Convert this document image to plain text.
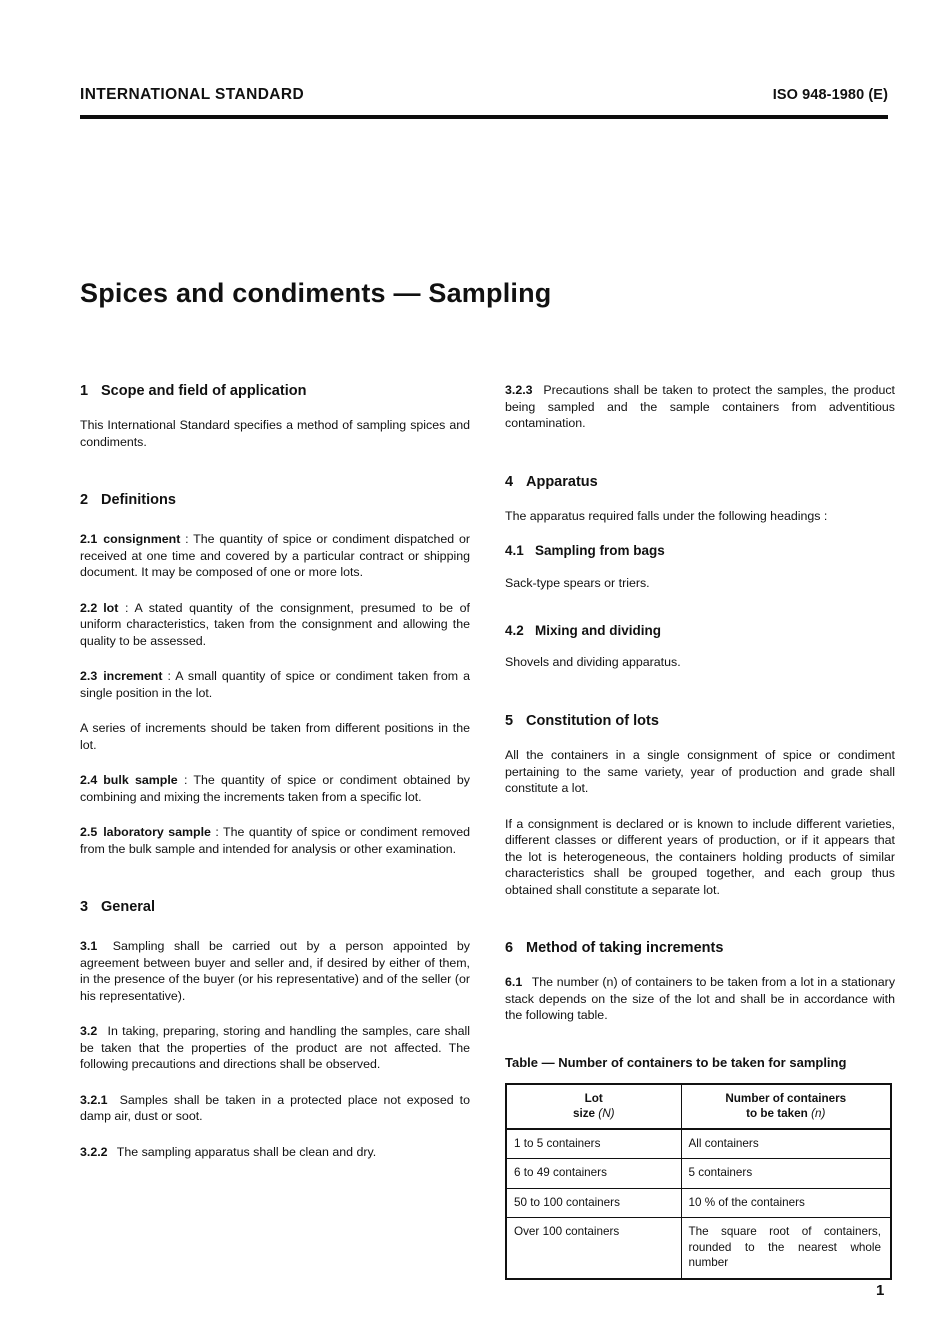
INTERNATIONAL STANDARD	ISO 948-1980 (E)
Spices and condiments — Sampling
1 Scope and field of application

This International Standard specifies a method of sampling spices and condiments.

2 Definitions

2.1 consignment : The quantity of spice or condiment dispatched or received at one time and covered by a particular contract or shipping document. It may be composed of one or more lots.

2.2 lot : A stated quantity of the consignment, presumed to be of uniform characteristics, taken from the consignment and allowing the quality to be assessed.

2.3 increment : A small quantity of spice or condiment taken from a single position in the lot.

A series of increments should be taken from different positions in the lot.

2.4 bulk sample : The quantity of spice or condiment obtained by combining and mixing the increments taken from a specific lot.

2.5 laboratory sample : The quantity of spice or condiment removed from the bulk sample and intended for analysis or other examination.

3 General

3.1 Sampling shall be carried out by a person appointed by agreement between buyer and seller and, if desired by either of them, in the presence of the buyer (or his representative) and of the seller (or his representative).

3.2 In taking, preparing, storing and handling the samples, care shall be taken that the properties of the product are not affected. The following precautions and directions shall be observed.

3.2.1 Samples shall be taken in a protected place not exposed to damp air, dust or soot.

3.2.2 The sampling apparatus shall be clean and dry.

3.2.3 Precautions shall be taken to protect the samples, the product being sampled and the sample containers from adventitious contamination.

4 Apparatus

The apparatus required falls under the following headings :

4.1 Sampling from bags

Sack-type spears or triers.

4.2 Mixing and dividing

Shovels and dividing apparatus.

5 Constitution of lots

All the containers in a single consignment of spice or condiment pertaining to the same variety, year of production and grade shall constitute a lot.

If a consignment is declared or is known to include different varieties, different classes or different years of production, or if it appears that the lot is heterogeneous, the containers holding products of similar characteristics shall be grouped together, and each group thus obtained shall constitute a separate lot.

6 Method of taking increments

6.1 The number (n) of containers to be taken from a lot in a stationary stack depends on the size of the lot and shall be in accordance with the following table.

Table — Number of containers to be taken for sampling
Lot
size (N)	Number of containers
to be taken (n)
1 to 5 containers	All containers
6 to 49 containers	5 containers
50 to 100 containers	10 % of the containers
Over 100 containers	The square root of containers, rounded to the nearest whole number
1
